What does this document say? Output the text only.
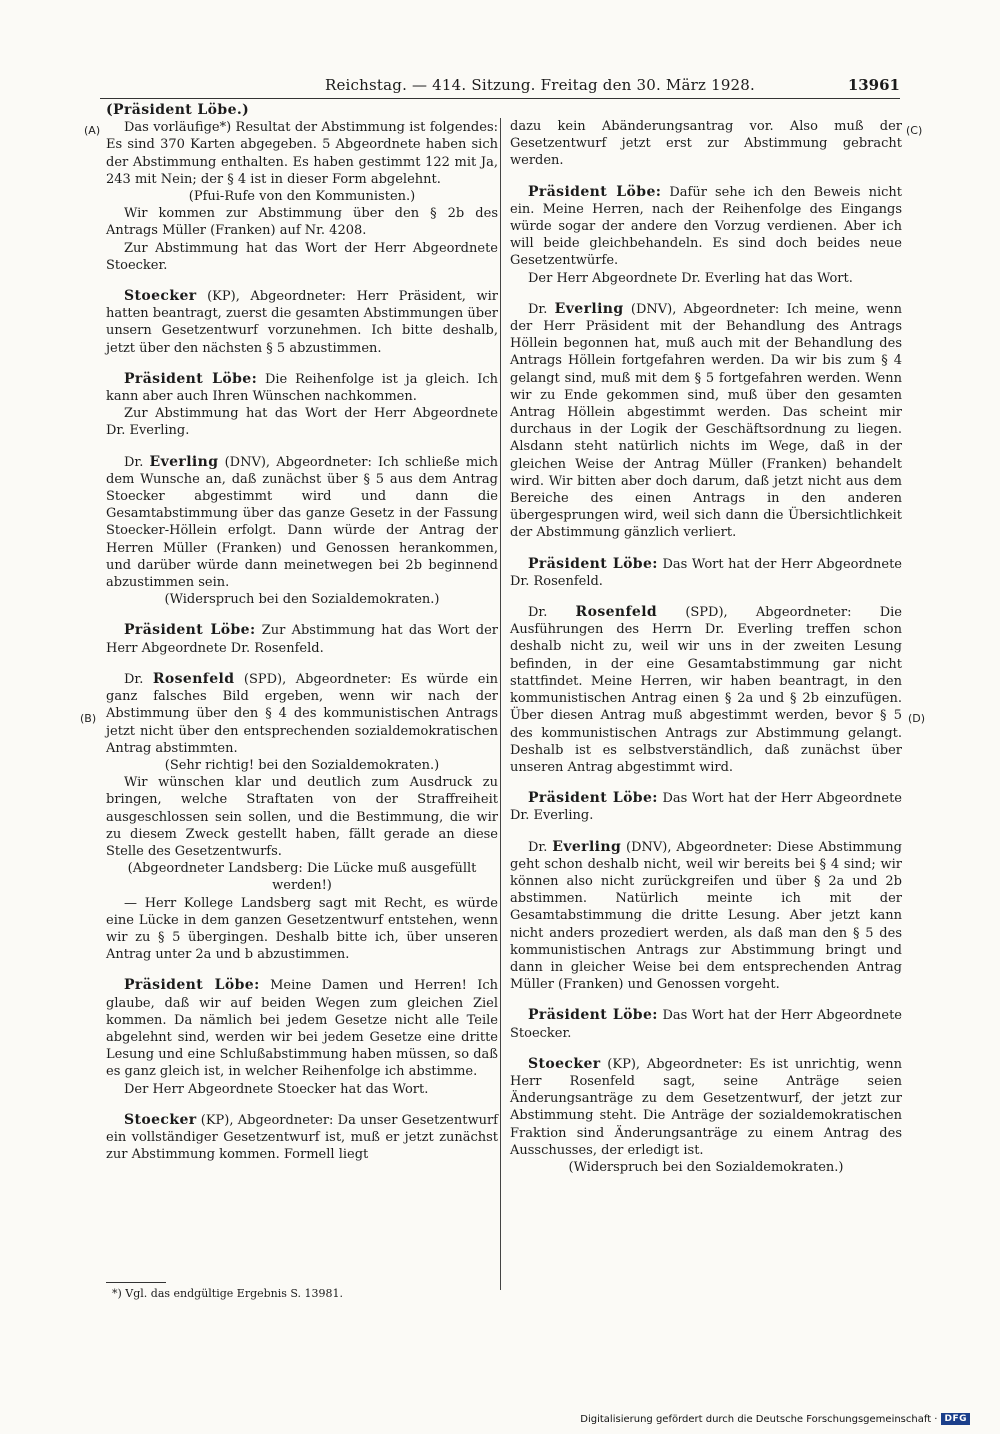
Reichstag. — 414. Sitzung. Freitag den 30. März 1928.	13961
(A)
(B)
(C)
(D)

(Präsident Löbe.)

Das vorläufige*) Resultat der Abstimmung ist folgendes: Es sind 370 Karten abgegeben. 5 Abgeordnete haben sich der Abstimmung enthalten. Es haben gestimmt 122 mit Ja, 243 mit Nein; der § 4 ist in dieser Form abgelehnt.

(Pfui-Rufe von den Kommunisten.)

Wir kommen zur Abstimmung über den § 2b des Antrags Müller (Franken) auf Nr. 4208.

Zur Abstimmung hat das Wort der Herr Abgeordnete Stoecker.

Stoecker (KP), Abgeordneter: Herr Präsident, wir hatten beantragt, zuerst die gesamten Abstimmungen über unsern Gesetzentwurf vorzunehmen. Ich bitte deshalb, jetzt über den nächsten § 5 abzustimmen.

Präsident Löbe: Die Reihenfolge ist ja gleich. Ich kann aber auch Ihren Wünschen nachkommen.

Zur Abstimmung hat das Wort der Herr Abgeordnete Dr. Everling.

Dr. Everling (DNV), Abgeordneter: Ich schließe mich dem Wunsche an, daß zunächst über § 5 aus dem Antrag Stoecker abgestimmt wird und dann die Gesamtabstimmung über das ganze Gesetz in der Fassung Stoecker-Höllein erfolgt. Dann würde der Antrag der Herren Müller (Franken) und Genossen herankommen, und darüber würde dann meinetwegen bei 2b beginnend abzustimmen sein.

(Widerspruch bei den Sozialdemokraten.)

Präsident Löbe: Zur Abstimmung hat das Wort der Herr Abgeordnete Dr. Rosenfeld.

Dr. Rosenfeld (SPD), Abgeordneter: Es würde ein ganz falsches Bild ergeben, wenn wir nach der Abstimmung über den § 4 des kommunistischen Antrags jetzt nicht über den entsprechenden sozialdemokratischen Antrag abstimmten.

(Sehr richtig! bei den Sozialdemokraten.)

Wir wünschen klar und deutlich zum Ausdruck zu bringen, welche Straftaten von der Straffreiheit ausgeschlossen sein sollen, und die Bestimmung, die wir zu diesem Zweck gestellt haben, fällt gerade an diese Stelle des Gesetzentwurfs.

(Abgeordneter Landsberg: Die Lücke muß ausgefüllt werden!)

— Herr Kollege Landsberg sagt mit Recht, es würde eine Lücke in dem ganzen Gesetzentwurf entstehen, wenn wir zu § 5 übergingen. Deshalb bitte ich, über unseren Antrag unter 2a und b abzustimmen.

Präsident Löbe: Meine Damen und Herren! Ich glaube, daß wir auf beiden Wegen zum gleichen Ziel kommen. Da nämlich bei jedem Gesetze nicht alle Teile abgelehnt sind, werden wir bei jedem Gesetze eine dritte Lesung und eine Schlußabstimmung haben müssen, so daß es ganz gleich ist, in welcher Reihenfolge ich abstimme.

Der Herr Abgeordnete Stoecker hat das Wort.

Stoecker (KP), Abgeordneter: Da unser Gesetzentwurf ein vollständiger Gesetzentwurf ist, muß er jetzt zunächst zur Abstimmung kommen. Formell liegt

dazu kein Abänderungsantrag vor. Also muß der Gesetzentwurf jetzt erst zur Abstimmung gebracht werden.

Präsident Löbe: Dafür sehe ich den Beweis nicht ein. Meine Herren, nach der Reihenfolge des Eingangs würde sogar der andere den Vorzug verdienen. Aber ich will beide gleichbehandeln. Es sind doch beides neue Gesetzentwürfe.

Der Herr Abgeordnete Dr. Everling hat das Wort.

Dr. Everling (DNV), Abgeordneter: Ich meine, wenn der Herr Präsident mit der Behandlung des Antrags Höllein begonnen hat, muß auch mit der Behandlung des Antrags Höllein fortgefahren werden. Da wir bis zum § 4 gelangt sind, muß mit dem § 5 fortgefahren werden. Wenn wir zu Ende gekommen sind, muß über den gesamten Antrag Höllein abgestimmt werden. Das scheint mir durchaus in der Logik der Geschäftsordnung zu liegen. Alsdann steht natürlich nichts im Wege, daß in der gleichen Weise der Antrag Müller (Franken) behandelt wird. Wir bitten aber doch darum, daß jetzt nicht aus dem Bereiche des einen Antrags in den anderen übergesprungen wird, weil sich dann die Übersichtlichkeit der Abstimmung gänzlich verliert.

Präsident Löbe: Das Wort hat der Herr Abgeordnete Dr. Rosenfeld.

Dr. Rosenfeld (SPD), Abgeordneter: Die Ausführungen des Herrn Dr. Everling treffen schon deshalb nicht zu, weil wir uns in der zweiten Lesung befinden, in der eine Gesamtabstimmung gar nicht stattfindet. Meine Herren, wir haben beantragt, in den kommunistischen Antrag einen § 2a und § 2b einzufügen. Über diesen Antrag muß abgestimmt werden, bevor § 5 des kommunistischen Antrags zur Abstimmung gelangt. Deshalb ist es selbstverständlich, daß zunächst über unseren Antrag abgestimmt wird.

Präsident Löbe: Das Wort hat der Herr Abgeordnete Dr. Everling.

Dr. Everling (DNV), Abgeordneter: Diese Abstimmung geht schon deshalb nicht, weil wir bereits bei § 4 sind; wir können also nicht zurückgreifen und über § 2a und 2b abstimmen. Natürlich meinte ich mit der Gesamtabstimmung die dritte Lesung. Aber jetzt kann nicht anders prozediert werden, als daß man den § 5 des kommunistischen Antrags zur Abstimmung bringt und dann in gleicher Weise bei dem entsprechenden Antrag Müller (Franken) und Genossen vorgeht.

Präsident Löbe: Das Wort hat der Herr Abgeordnete Stoecker.

Stoecker (KP), Abgeordneter: Es ist unrichtig, wenn Herr Rosenfeld sagt, seine Anträge seien Änderungsanträge zu dem Gesetzentwurf, der jetzt zur Abstimmung steht. Die Anträge der sozialdemokratischen Fraktion sind Änderungsanträge zu einem Antrag des Ausschusses, der erledigt ist.

(Widerspruch bei den Sozialdemokraten.)

*) Vgl. das endgültige Ergebnis S. 13981.
Digitalisierung gefördert durch die Deutsche Forschungsgemeinschaft · DFG
